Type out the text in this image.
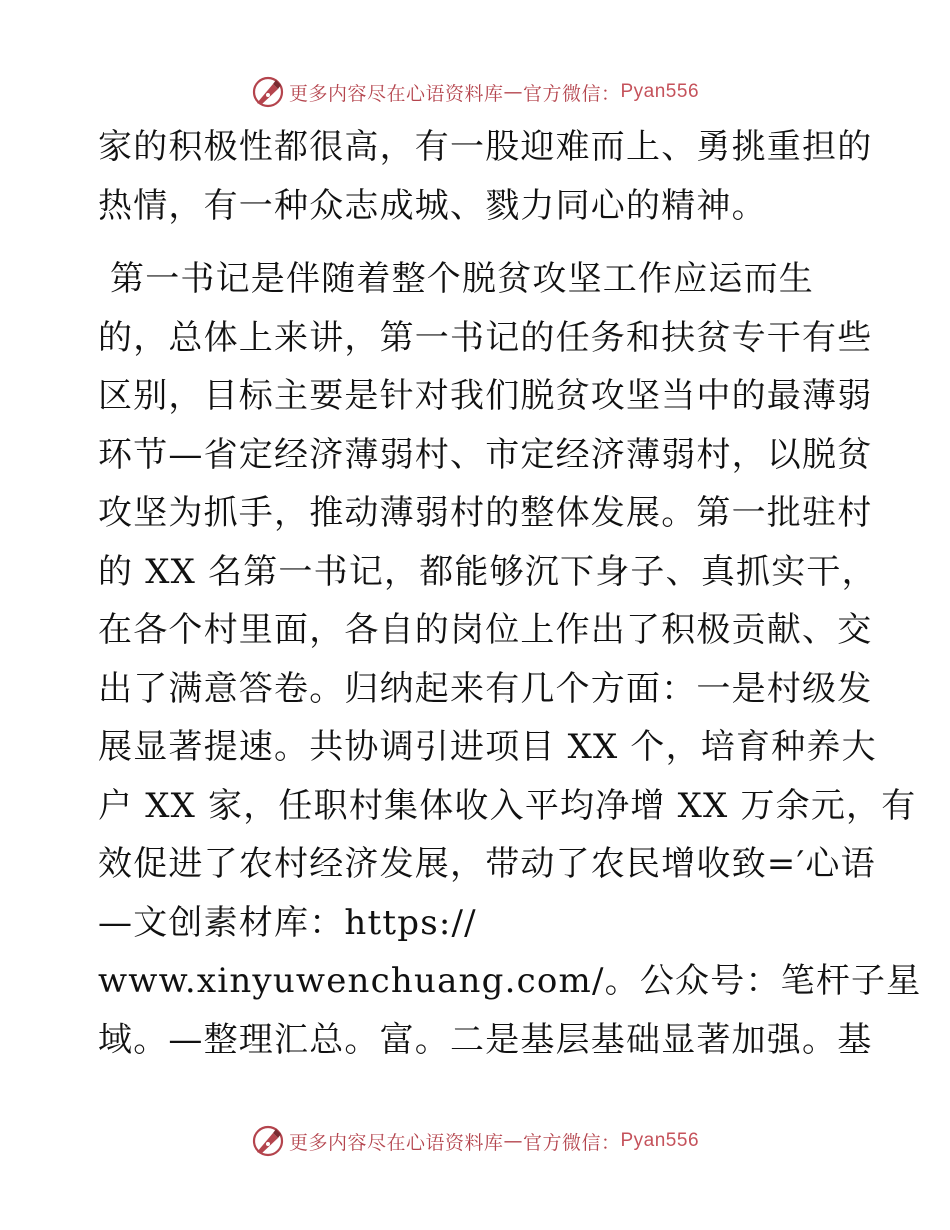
更多内容尽在心语资料库 — 官方微信： Pyan556
家的积极性都很高，有一股迎难而上、勇挑重担的
热情，有一种众志成城、戮力同心的精神。
第一书记是伴随着整个脱贫攻坚工作应运而生
的，总体上来讲，第一书记的任务和扶贫专干有些
区别，目标主要是针对我们脱贫攻坚当中的最薄弱
环节—省定经济薄弱村、市定经济薄弱村，以脱贫
攻坚为抓手，推动薄弱村的整体发展。第一批驻村
的 XX 名第一书记，都能够沉下身子、真抓实干，
在各个村里面，各自的岗位上作出了积极贡献、交
出了满意答卷。归纳起来有几个方面：一是村级发
展显著提速。共协调引进项目 XX 个，培育种养大
户 XX 家，任职村集体收入平均净增 XX 万余元，有
效促进了农村经济发展，带动了农民增收致=′心语
—文创素材库：https://
www.xinyuwenchuang.com/。公众号：笔杆子星
域。—整理汇总。富。二是基层基础显著加强。基
更多内容尽在心语资料库 — 官方微信： Pyan556
